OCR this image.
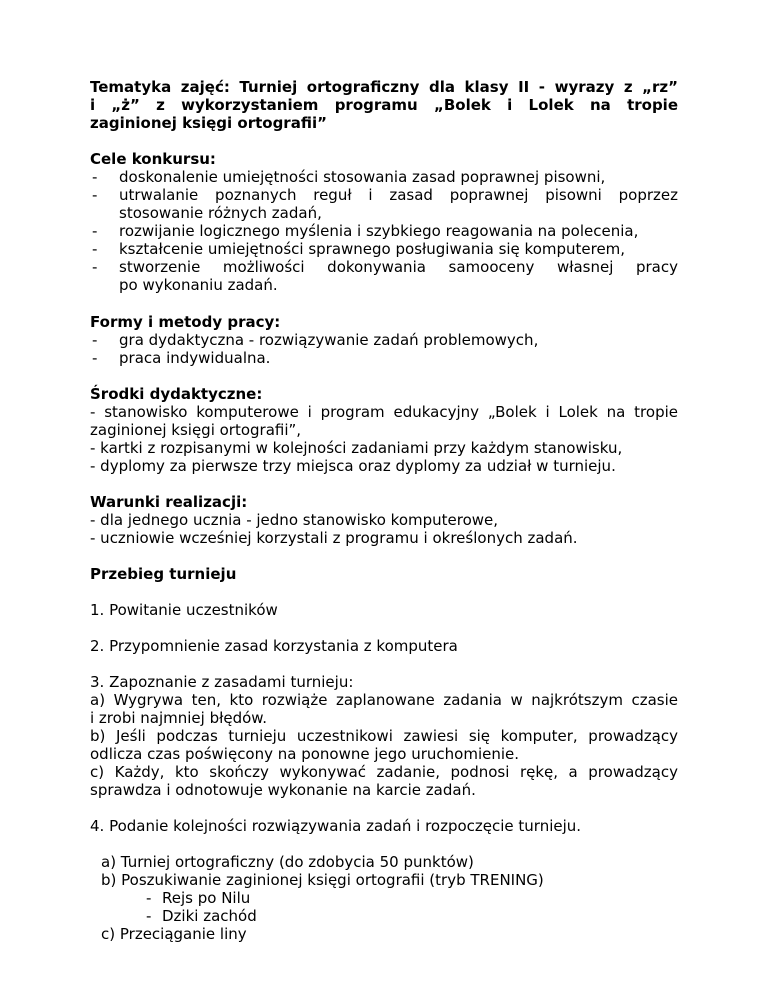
Tematyka zajęć: Turniej ortograficzny dla klasy II - wyrazy z „rz”
i „ż” z wykorzystaniem programu „Bolek i Lolek na tropie
zaginionej księgi ortografii”
Cele konkursu:
-	doskonalenie umiejętności stosowania zasad poprawnej pisowni,
utrwalanie poznanych reguł i zasad poprawnej pisowni poprzez
-
stosowanie różnych zadań,
-	rozwijanie logicznego myślenia i szybkiego reagowania na polecenia,
-	kształcenie umiejętności sprawnego posługiwania się komputerem,
stworzenie możliwości dokonywania samooceny własnej pracy
-
po wykonaniu zadań.
Formy i metody pracy:
-	gra dydaktyczna - rozwiązywanie zadań problemowych,
-	praca indywidualna.
Środki dydaktyczne:
- stanowisko komputerowe i program edukacyjny „Bolek i Lolek na tropie
zaginionej księgi ortografii”,
- kartki z rozpisanymi w kolejności zadaniami przy każdym stanowisku,
- dyplomy za pierwsze trzy miejsca oraz dyplomy za udział w turnieju.
Warunki realizacji:
- dla jednego ucznia - jedno stanowisko komputerowe,
- uczniowie wcześniej korzystali z programu i określonych zadań.
Przebieg turnieju
1. Powitanie uczestników
2. Przypomnienie zasad korzystania z komputera
3. Zapoznanie z zasadami turnieju:
a) Wygrywa ten, kto rozwiąże zaplanowane zadania w najkrótszym czasie
i zrobi najmniej błędów.
b) Jeśli podczas turnieju uczestnikowi zawiesi się komputer, prowadzący
odlicza czas poświęcony na ponowne jego uruchomienie.
c) Każdy, kto skończy wykonywać zadanie, podnosi rękę, a prowadzący
sprawdza i odnotowuje wykonanie na karcie zadań.
4. Podanie kolejności rozwiązywania zadań i rozpoczęcie turnieju.
a) Turniej ortograficzny (do zdobycia 50 punktów)
b) Poszukiwanie zaginionej księgi ortografii (tryb TRENING)
- Rejs po Nilu
- Dziki zachód
c) Przeciąganie liny
